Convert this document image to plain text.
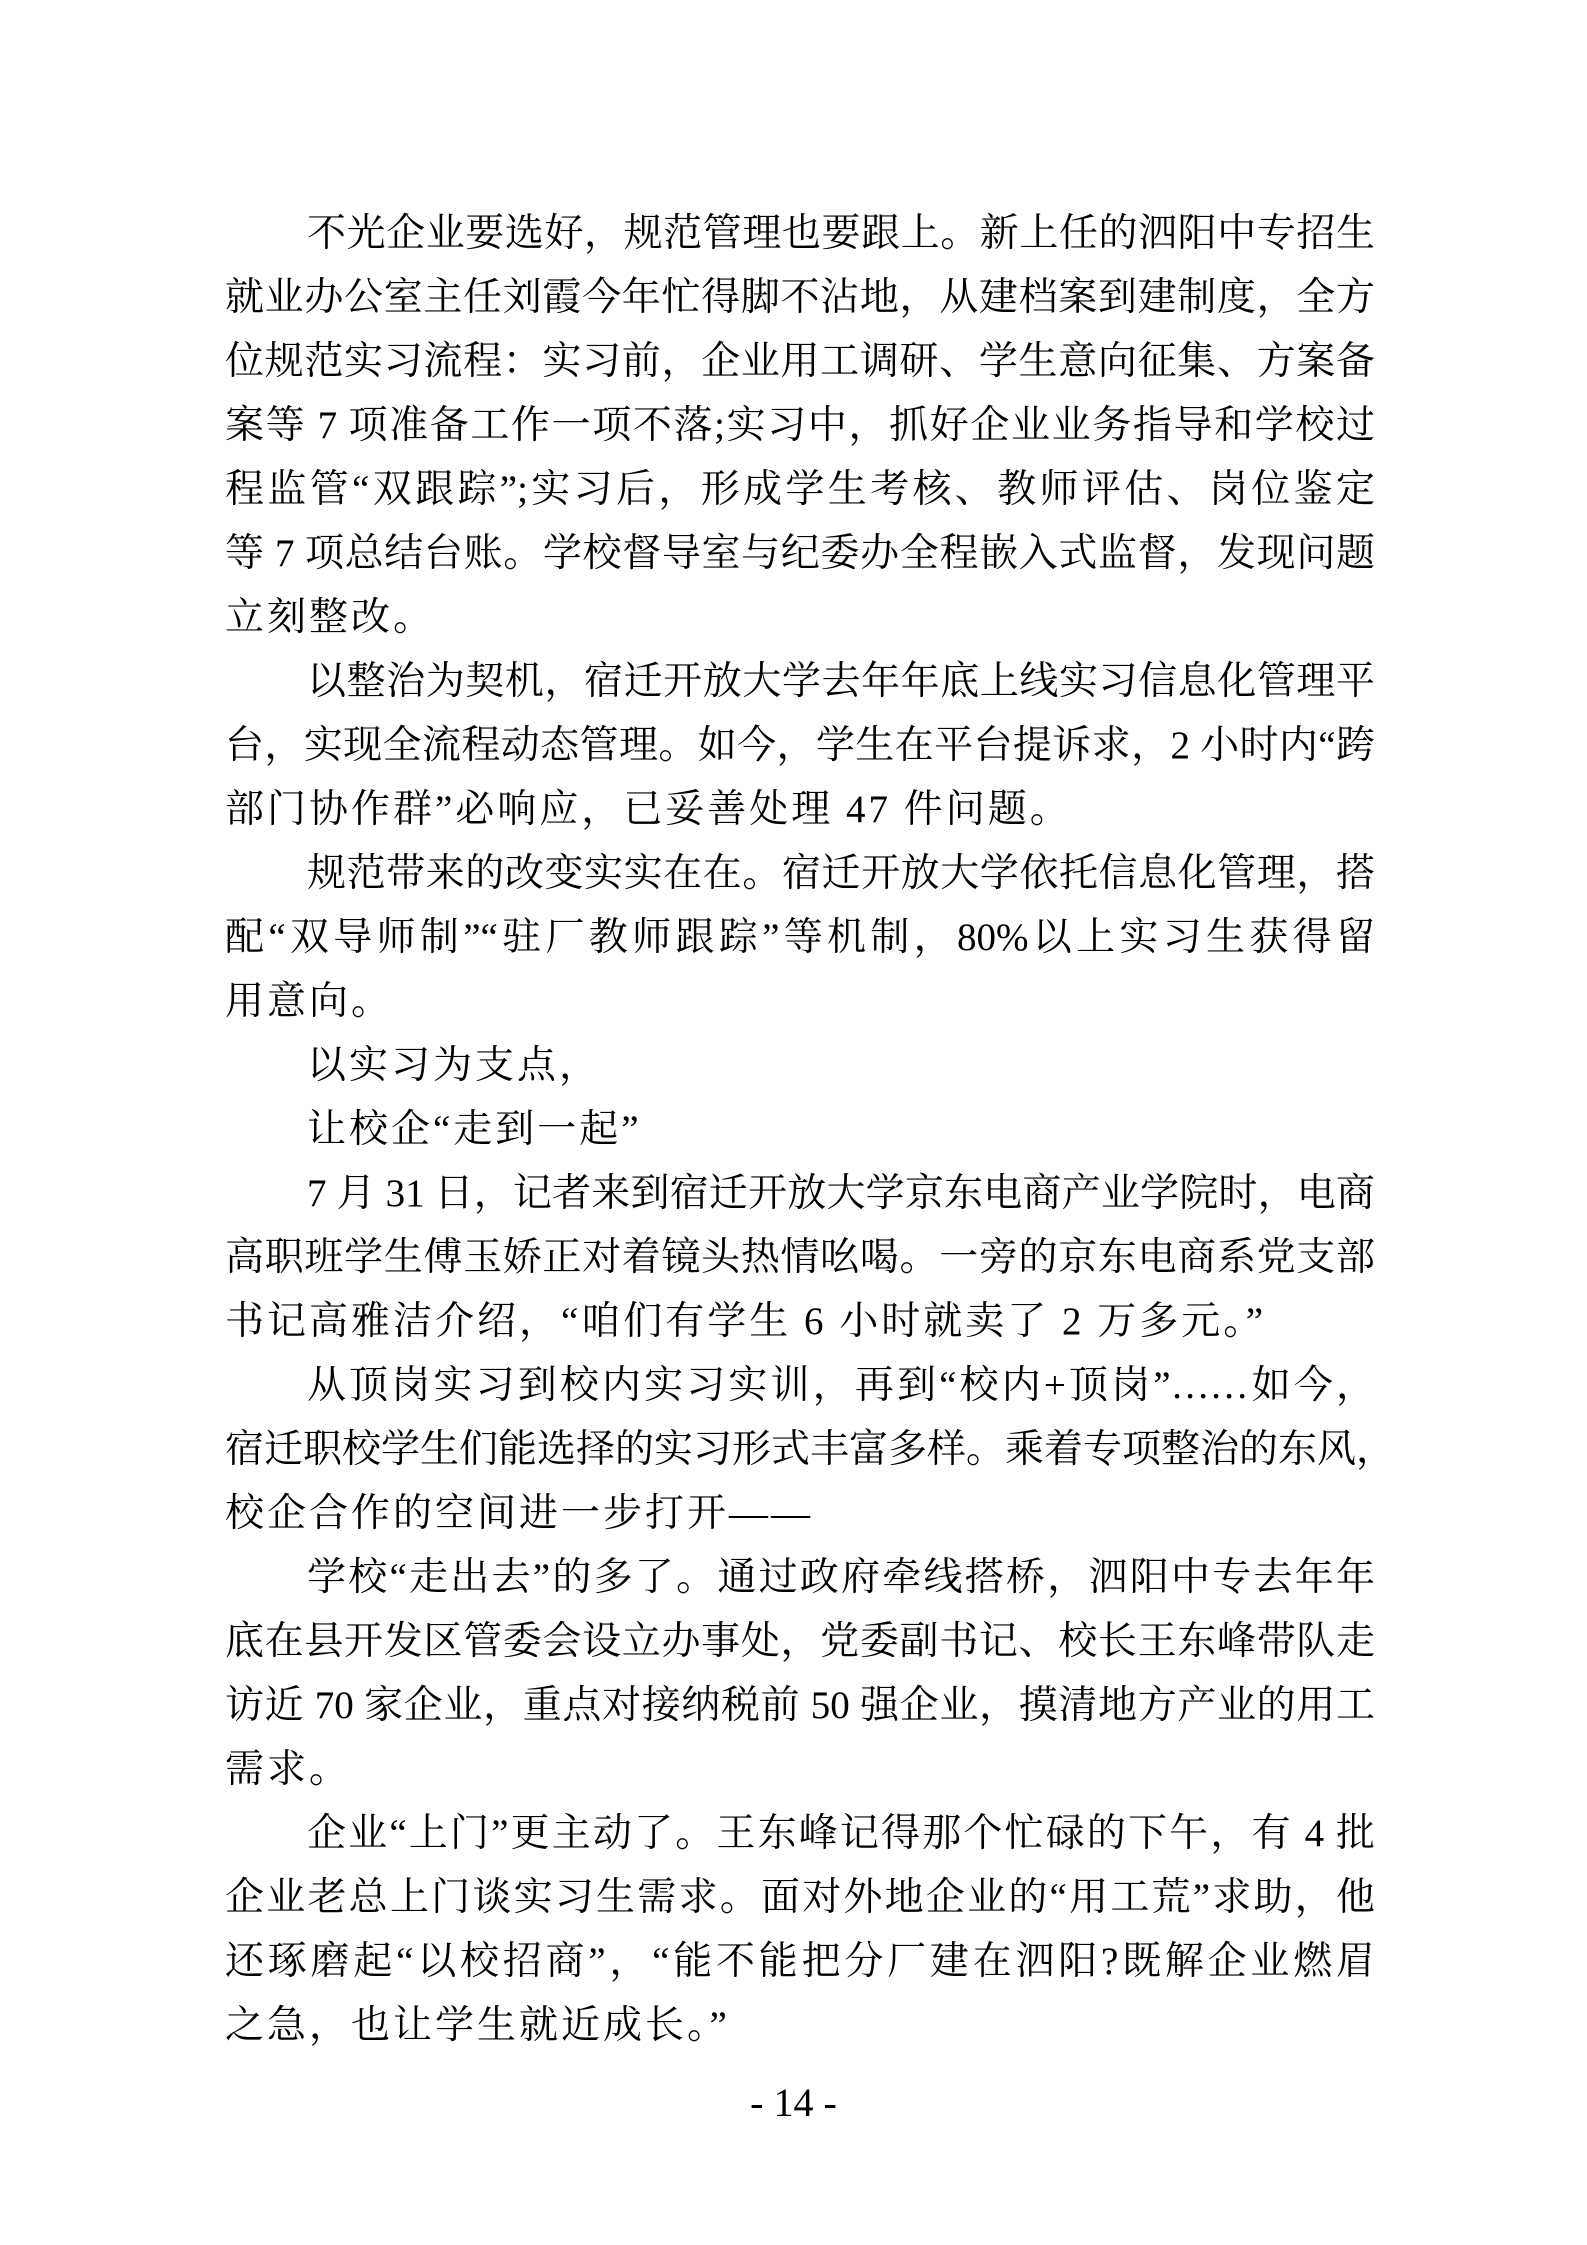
不光企业要选好，规范管理也要跟上。新上任的泗阳中专招生
就业办公室主任刘霞今年忙得脚不沾地，从建档案到建制度，全方
位规范实习流程：实习前，企业用工调研、学生意向征集、方案备
案等 7 项准备工作一项不落;实习中，抓好企业业务指导和学校过
程监管“双跟踪”;实习后，形成学生考核、教师评估、岗位鉴定
等 7 项总结台账。学校督导室与纪委办全程嵌入式监督，发现问题
立刻整改。
以整治为契机，宿迁开放大学去年年底上线实习信息化管理平
台，实现全流程动态管理。如今，学生在平台提诉求，2 小时内“跨
部门协作群”必响应，已妥善处理 47 件问题。
规范带来的改变实实在在。宿迁开放大学依托信息化管理，搭
配“双导师制”“驻厂教师跟踪”等机制，80%以上实习生获得留
用意向。
以实习为支点，
让校企“走到一起”
7 月 31 日，记者来到宿迁开放大学京东电商产业学院时，电商
高职班学生傅玉娇正对着镜头热情吆喝。一旁的京东电商系党支部
书记高雅洁介绍，“咱们有学生 6 小时就卖了 2 万多元。”
从顶岗实习到校内实习实训，再到“校内+顶岗”……如今，
宿迁职校学生们能选择的实习形式丰富多样。乘着专项整治的东风，
校企合作的空间进一步打开——
学校“走出去”的多了。通过政府牵线搭桥，泗阳中专去年年
底在县开发区管委会设立办事处，党委副书记、校长王东峰带队走
访近 70 家企业，重点对接纳税前 50 强企业，摸清地方产业的用工
需求。
企业“上门”更主动了。王东峰记得那个忙碌的下午，有 4 批
企业老总上门谈实习生需求。面对外地企业的“用工荒”求助，他
还琢磨起“以校招商”，“能不能把分厂建在泗阳?既解企业燃眉
之急，也让学生就近成长。”
- 14 -
